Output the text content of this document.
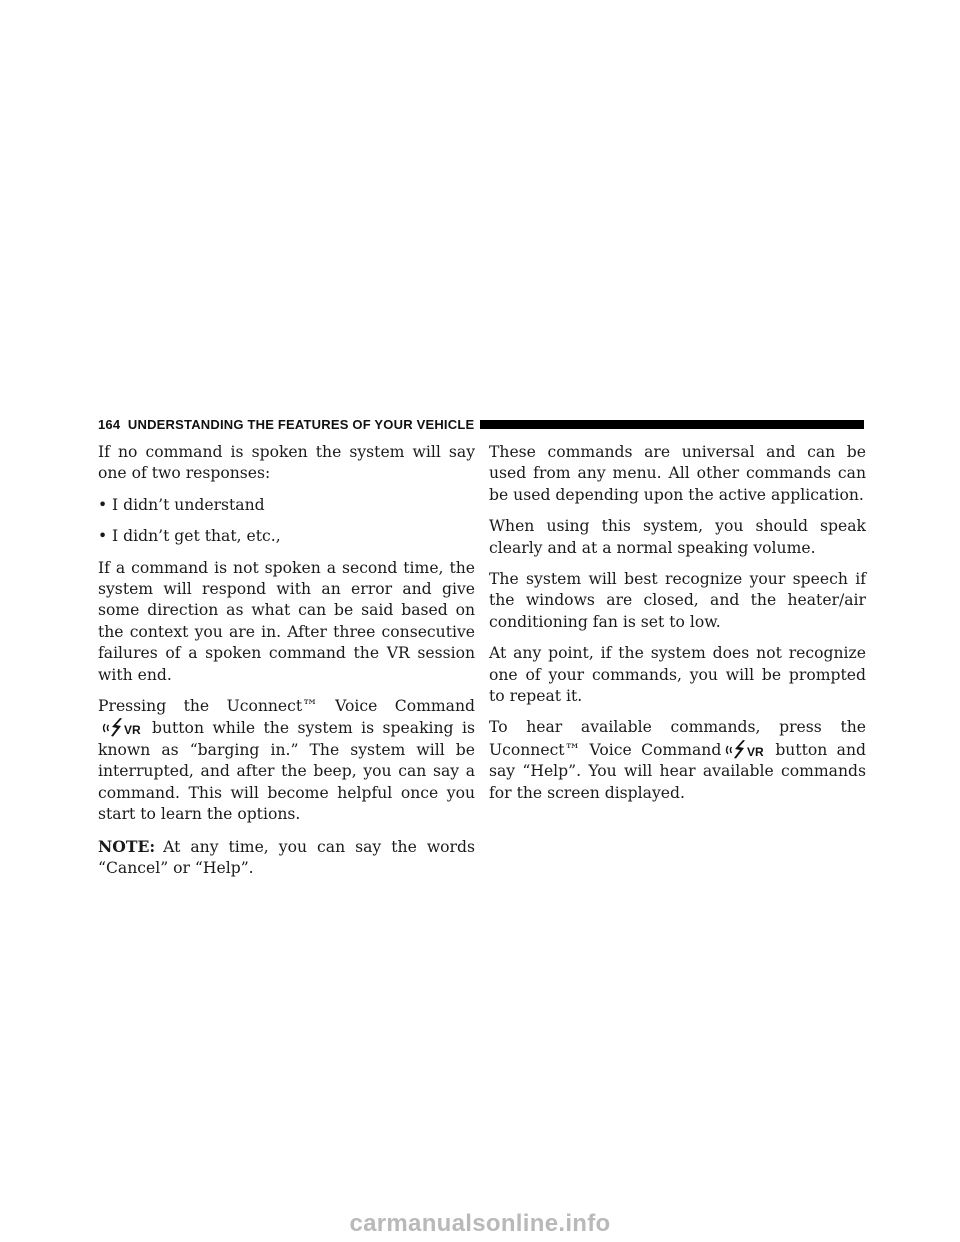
164 UNDERSTANDING THE FEATURES OF YOUR VEHICLE

If no command is spoken the system will say one of two responses:

• I didn’t understand
• I didn’t get that, etc.,

If a command is not spoken a second time, the system will respond with an error and give some direction as what can be said based on the context you are in. After three consecutive failures of a spoken command the VR session with end.

Pressing the Uconnect™ Voice Command
VR button while the system is speaking is known as “barging in.” The system will be interrupted, and after the beep, you can say a command. This will become helpful once you start to learn the options.

NOTE: At any time, you can say the words “Cancel” or “Help”.

These commands are universal and can be used from any menu. All other commands can be used depending upon the active application.

When using this system, you should speak clearly and at a normal speaking volume.

The system will best recognize your speech if the windows are closed, and the heater/air conditioning fan is set to low.

At any point, if the system does not recognize one of your commands, you will be prompted to repeat it.

To hear available commands, press the Uconnect™ Voice Command VR button and say “Help”. You will hear available commands for the screen displayed.

carmanualsonline.info
